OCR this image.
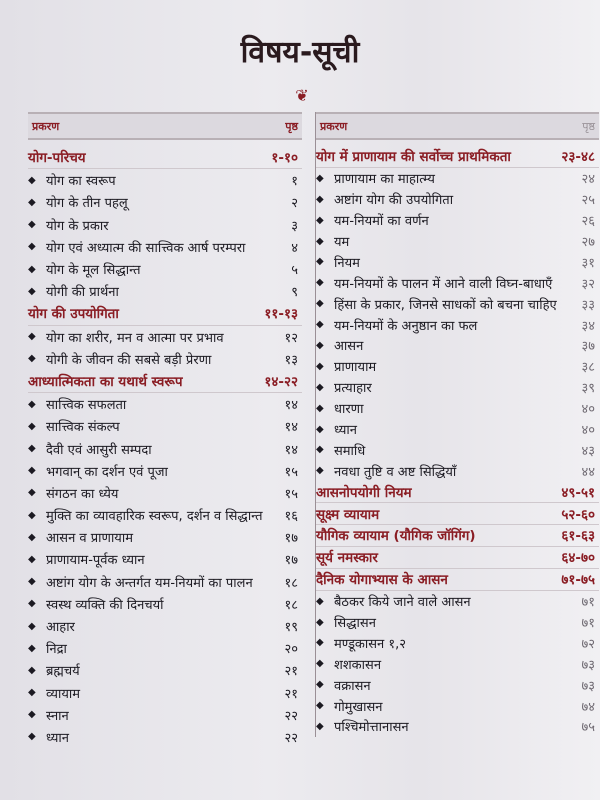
विषय-सूची
❦
प्रकरण	पृष्ठ
योग-परिचय	१-१०
◆ योग का स्वरूप	१
◆ योग के तीन पहलू	२
◆ योग के प्रकार	३
◆ योग एवं अध्यात्म की सात्त्विक आर्ष परम्परा	४
◆ योग के मूल सिद्धान्त	५
◆ योगी की प्रार्थना	९
योग की उपयोगिता	११-१३
◆ योग का शरीर, मन व आत्मा पर प्रभाव	१२
◆ योगी के जीवन की सबसे बड़ी प्रेरणा	१३
आध्यात्मिकता का यथार्थ स्वरूप	१४-२२
◆ सात्त्विक सफलता	१४
◆ सात्त्विक संकल्प	१४
◆ दैवी एवं आसुरी सम्पदा	१४
◆ भगवान् का दर्शन एवं पूजा	१५
◆ संगठन का ध्येय	१५
◆ मुक्ति का व्यावहारिक स्वरूप, दर्शन व सिद्धान्त १६
◆ आसन व प्राणायाम	१७
◆ प्राणायाम-पूर्वक ध्यान	१७
◆ अष्टांग योग के अन्तर्गत यम-नियमों का पालन १८
◆ स्वस्थ व्यक्ति की दिनचर्या	१८
◆ आहार	१९
◆ निद्रा	२०
◆ ब्रह्मचर्य	२१
◆ व्यायाम	२१
◆ स्नान	२२
◆ ध्यान	२२
प्रकरण	पृष्ठ
योग में प्राणायाम की सर्वोच्च प्राथमिकता	२३-४८
◆ प्राणायाम का माहात्म्य	२४
◆ अष्टांग योग की उपयोगिता	२५
◆ यम-नियमों का वर्णन	२६
◆ यम	२७
◆ नियम	३१
◆ यम-नियमों के पालन में आने वाली विघ्न-बाधाएँ ३२
◆ हिंसा के प्रकार, जिनसे साधकों को बचना चाहिए ३३
◆ यम-नियमों के अनुष्ठान का फल	३४
◆ आसन	३७
◆ प्राणायाम	३८
◆ प्रत्याहार	३९
◆ धारणा	४०
◆ ध्यान	४०
◆ समाधि	४३
◆ नवधा तुष्टि व अष्ट सिद्धियाँ	४४
आसनोपयोगी नियम	४९-५१
सूक्ष्म व्यायाम	५२-६०
यौगिक व्यायाम (यौगिक जॉगिंग)	६१-६३
सूर्य नमस्कार	६४-७०
दैनिक योगाभ्यास के आसन	७१-७५
◆ बैठकर किये जाने वाले आसन	७१
◆ सिद्धासन	७१
◆ मण्डूकासन १,२	७२
◆ शशकासन	७३
◆ वक्रासन	७३
◆ गोमुखासन	७४
◆ पश्चिमोत्तानासन	७५
